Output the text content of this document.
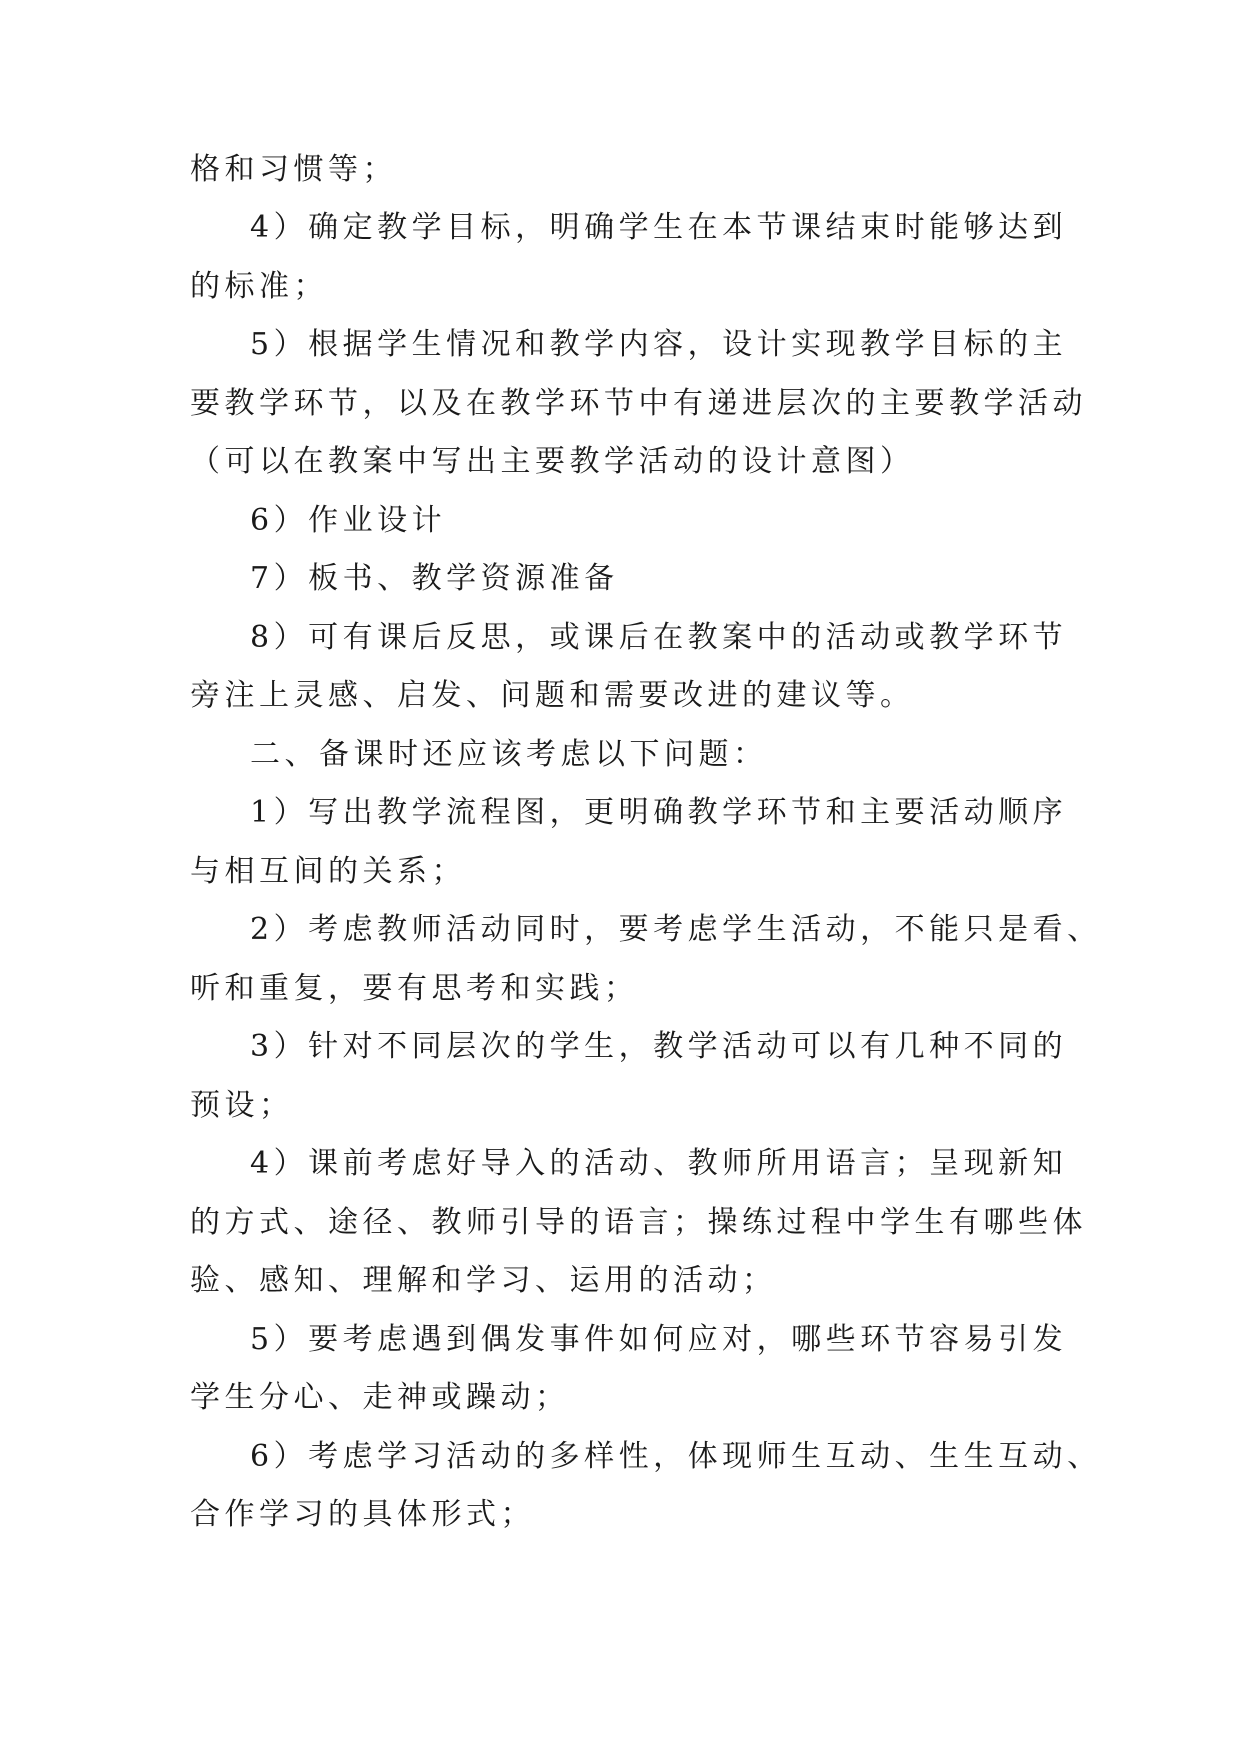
格和习惯等；
4）确定教学目标，明确学生在本节课结束时能够达到
的标准；
5）根据学生情况和教学内容，设计实现教学目标的主
要教学环节，以及在教学环节中有递进层次的主要教学活动
（可以在教案中写出主要教学活动的设计意图）
6）作业设计
7）板书、教学资源准备
8）可有课后反思，或课后在教案中的活动或教学环节
旁注上灵感、启发、问题和需要改进的建议等。
二、备课时还应该考虑以下问题：
1）写出教学流程图，更明确教学环节和主要活动顺序
与相互间的关系；
2）考虑教师活动同时，要考虑学生活动，不能只是看、
听和重复，要有思考和实践；
3）针对不同层次的学生，教学活动可以有几种不同的
预设；
4）课前考虑好导入的活动、教师所用语言；呈现新知
的方式、途径、教师引导的语言；操练过程中学生有哪些体
验、感知、理解和学习、运用的活动；
5）要考虑遇到偶发事件如何应对，哪些环节容易引发
学生分心、走神或躁动；
6）考虑学习活动的多样性，体现师生互动、生生互动、
合作学习的具体形式；
